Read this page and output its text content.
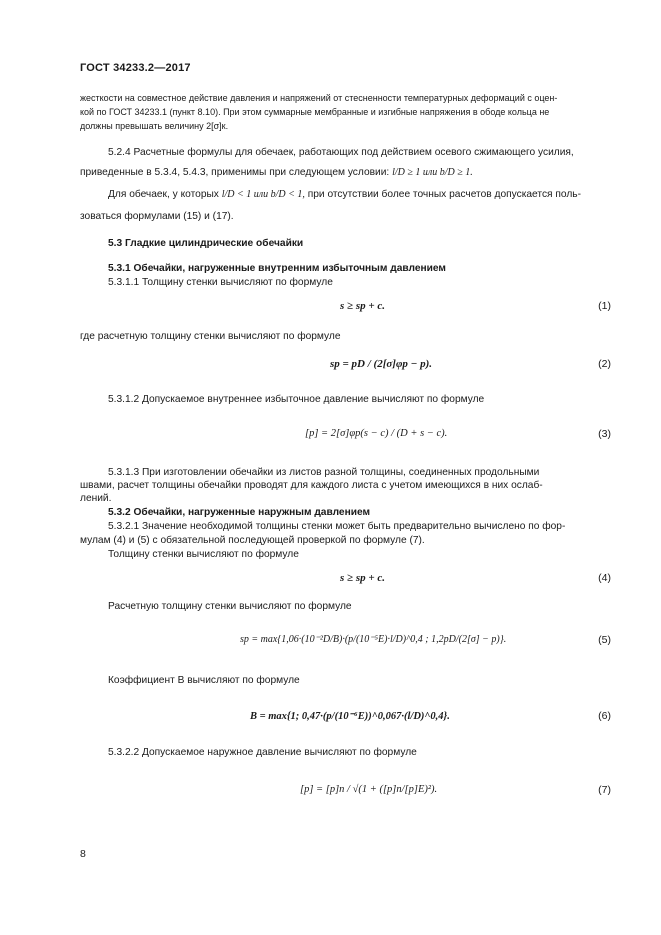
ГОСТ 34233.2—2017
жесткости на совместное действие давления и напряжений от стесненности температурных деформаций с оцен-
кой по ГОСТ 34233.1 (пункт 8.10). При этом суммарные мембранные и изгибные напряжения в ободе кольца не
должны превышать величину 2[σ]к.
5.2.4 Расчетные формулы для обечаек, работающих под действием осевого сжимающего усилия,
приведенные в 5.3.4, 5.4.3, применимы при следующем условии: l/D ≥ 1 или b/D ≥ 1.
Для обечаек, у которых l/D < 1 или b/D < 1, при отсутствии более точных расчетов допускается поль-
зоваться формулами (15) и (17).
5.3 Гладкие цилиндрические обечайки
5.3.1 Обечайки, нагруженные внутренним избыточным давлением
5.3.1.1 Толщину стенки вычисляют по формуле
s ≥ sp + c.	(1)
где расчетную толщину стенки вычисляют по формуле
sp = pD / (2[σ]φp − p).	(2)
5.3.1.2 Допускаемое внутреннее избыточное давление вычисляют по формуле
[p] = 2[σ]φp(s − c) / (D + s − c).	(3)
5.3.1.3 При изготовлении обечайки из листов разной толщины, соединенных продольными
швами, расчет толщины обечайки проводят для каждого листа с учетом имеющихся в них ослаб-
лений.
5.3.2 Обечайки, нагруженные наружным давлением
5.3.2.1 Значение необходимой толщины стенки может быть предварительно вычислено по фор-
мулам (4) и (5) с обязательной последующей проверкой по формуле (7).
Толщину стенки вычисляют по формуле
s ≥ sp + c.	(4)
Расчетную толщину стенки вычисляют по формуле
sp = max{1,06·(10⁻²D/B)·(p/(10⁻⁵E)·l/D)^0,4 ; 1,2pD/(2[σ] − p)}.	(5)
Коэффициент B вычисляют по формуле
B = max{1; 0,47·(p/(10⁻⁶E))^0,067·(l/D)^0,4}.	(6)
5.3.2.2 Допускаемое наружное давление вычисляют по формуле
[p] = [p]п / √(1 + ([p]п/[p]E)²).	(7)
8
